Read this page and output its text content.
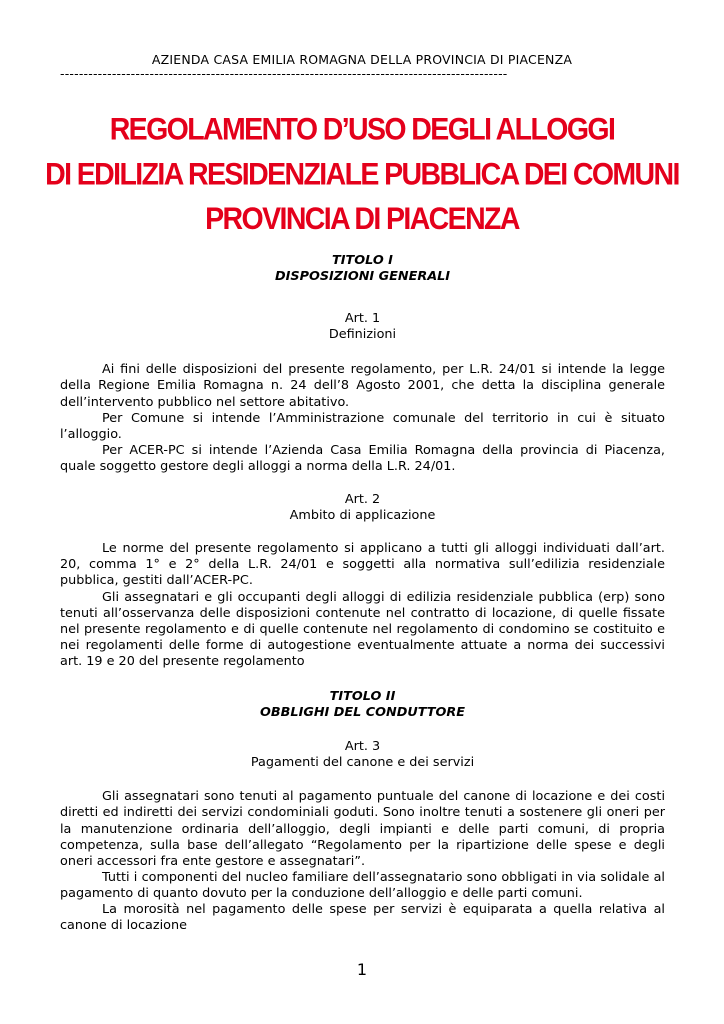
AZIENDA CASA EMILIA ROMAGNA DELLA PROVINCIA DI PIACENZA
-----------------------------------------------------------------------------------------------
REGOLAMENTO D’USO DEGLI ALLOGGI
DI EDILIZIA RESIDENZIALE PUBBLICA DEI COMUNI
PROVINCIA DI PIACENZA
TITOLO I
DISPOSIZIONI GENERALI
Art. 1
Definizioni

Ai fini delle disposizioni del presente regolamento, per L.R. 24/01 si intende la legge della Regione Emilia Romagna n. 24 dell’8 Agosto 2001, che detta la disciplina generale dell’intervento pubblico nel settore abitativo.

Per Comune si intende l’Amministrazione comunale del territorio in cui è situato l’alloggio.

Per ACER-PC si intende l’Azienda Casa Emilia Romagna della provincia di Piacenza, quale soggetto gestore degli alloggi a norma della L.R. 24/01.

Art. 2
Ambito di applicazione

Le norme del presente regolamento si applicano a tutti gli alloggi individuati dall’art. 20, comma 1° e 2° della L.R. 24/01 e soggetti alla normativa sull’edilizia residenziale pubblica, gestiti dall’ACER-PC.

Gli assegnatari e gli occupanti degli alloggi di edilizia residenziale pubblica (erp) sono tenuti all’osservanza delle disposizioni contenute nel contratto di locazione, di quelle fissate nel presente regolamento e di quelle contenute nel regolamento di condomino se costituito e nei regolamenti delle forme di autogestione eventualmente attuate a norma dei successivi art. 19 e 20 del presente regolamento

TITOLO II
OBBLIGHI DEL CONDUTTORE
Art. 3
Pagamenti del canone e dei servizi

Gli assegnatari sono tenuti al pagamento puntuale del canone di locazione e dei costi diretti ed indiretti dei servizi condominiali goduti. Sono inoltre tenuti a sostenere gli oneri per la manutenzione ordinaria dell’alloggio, degli impianti e delle parti comuni, di propria competenza, sulla base dell’allegato “Regolamento per la ripartizione delle spese e degli oneri accessori fra ente gestore e assegnatari”.

Tutti i componenti del nucleo familiare dell’assegnatario sono obbligati in via solidale al pagamento di quanto dovuto per la conduzione dell’alloggio e delle parti comuni.

La morosità nel pagamento delle spese per servizi è equiparata a quella relativa al canone di locazione

1
